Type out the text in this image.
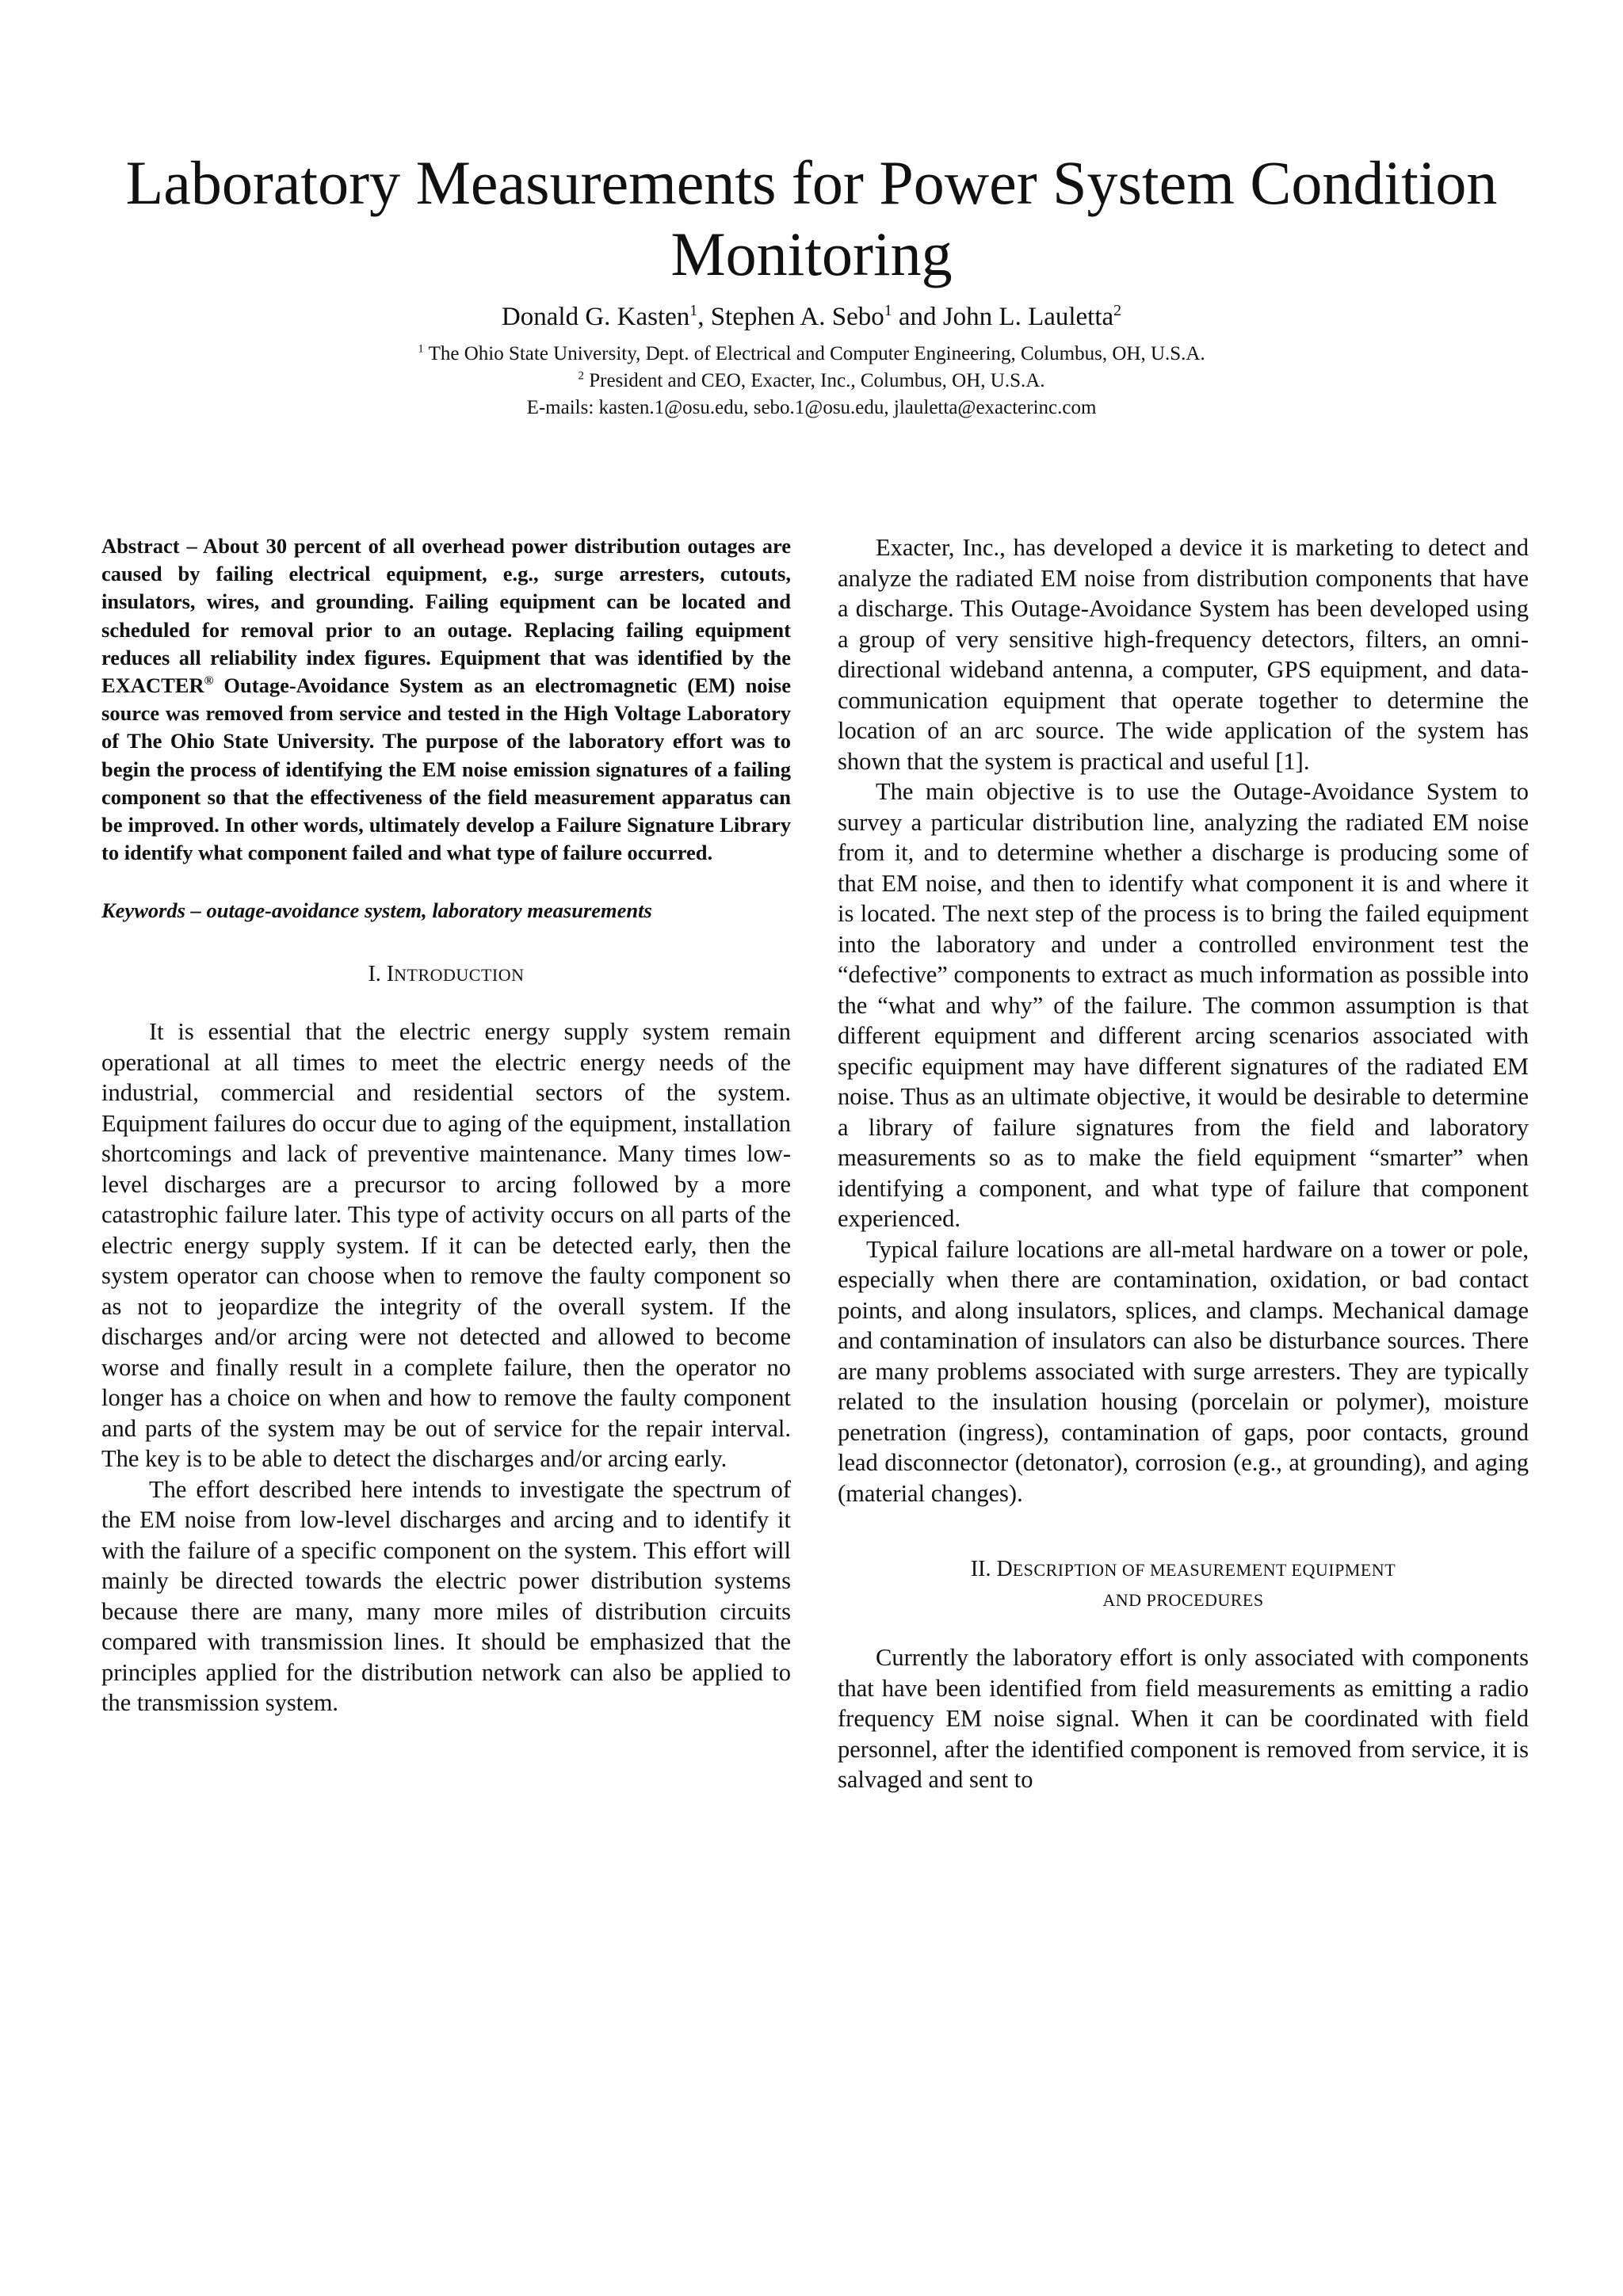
Laboratory Measurements for Power System Condition Monitoring
Donald G. Kasten$^1$, Stephen A. Sebo$^1$ and John L. Lauletta$^2$
$^1$ The Ohio State University, Dept. of Electrical and Computer Engineering, Columbus, OH, U.S.A.
$^2$ President and CEO, Exacter, Inc., Columbus, OH, U.S.A.
E-mails: kasten.1@osu.edu, sebo.1@osu.edu, jlauletta@exacterinc.com

Abstract – About 30 percent of all overhead power distribution outages are caused by failing electrical equipment, e.g., surge arresters, cutouts, insulators, wires, and grounding. Failing equipment can be located and scheduled for removal prior to an outage. Replacing failing equipment reduces all reliability index figures. Equipment that was identified by the EXACTER® Outage-Avoidance System as an electromagnetic (EM) noise source was removed from service and tested in the High Voltage Laboratory of The Ohio State University. The purpose of the laboratory effort was to begin the process of identifying the EM noise emission signatures of a failing component so that the effectiveness of the field measurement apparatus can be improved. In other words, ultimately develop a Failure Signature Library to identify what component failed and what type of failure occurred.

Keywords – outage-avoidance system, laboratory measurements

I. INTRODUCTION

It is essential that the electric energy supply system remain operational at all times to meet the electric energy needs of the industrial, commercial and residential sectors of the system. Equipment failures do occur due to aging of the equipment, installation shortcomings and lack of preventive maintenance. Many times low-level discharges are a precursor to arcing followed by a more catastrophic failure later. This type of activity occurs on all parts of the electric energy supply system. If it can be detected early, then the system operator can choose when to remove the faulty component so as not to jeopardize the integrity of the overall system. If the discharges and/or arcing were not detected and allowed to become worse and finally result in a complete failure, then the operator no longer has a choice on when and how to remove the faulty component and parts of the system may be out of service for the repair interval. The key is to be able to detect the discharges and/or arcing early.

The effort described here intends to investigate the spectrum of the EM noise from low-level discharges and arcing and to identify it with the failure of a specific component on the system. This effort will mainly be directed towards the electric power distribution systems because there are many, many more miles of distribution circuits compared with transmission lines. It should be emphasized that the principles applied for the distribution network can also be applied to the transmission system.

Exacter, Inc., has developed a device it is marketing to detect and analyze the radiated EM noise from distribution components that have a discharge. This Outage-Avoidance System has been developed using a group of very sensitive high-frequency detectors, filters, an omni-directional wideband antenna, a computer, GPS equipment, and data-communication equipment that operate together to determine the location of an arc source. The wide application of the system has shown that the system is practical and useful [1].

The main objective is to use the Outage-Avoidance System to survey a particular distribution line, analyzing the radiated EM noise from it, and to determine whether a discharge is producing some of that EM noise, and then to identify what component it is and where it is located. The next step of the process is to bring the failed equipment into the laboratory and under a controlled environment test the “defective” components to extract as much information as possible into the “what and why” of the failure. The common assumption is that different equipment and different arcing scenarios associated with specific equipment may have different signatures of the radiated EM noise. Thus as an ultimate objective, it would be desirable to determine a library of failure signatures from the field and laboratory measurements so as to make the field equipment “smarter” when identifying a component, and what type of failure that component experienced.

Typical failure locations are all-metal hardware on a tower or pole, especially when there are contamination, oxidation, or bad contact points, and along insulators, splices, and clamps. Mechanical damage and contamination of insulators can also be disturbance sources. There are many problems associated with surge arresters. They are typically related to the insulation housing (porcelain or polymer), moisture penetration (ingress), contamination of gaps, poor contacts, ground lead disconnector (detonator), corrosion (e.g., at grounding), and aging (material changes).

II. DESCRIPTION OF MEASUREMENT EQUIPMENT
AND PROCEDURES

Currently the laboratory effort is only associated with components that have been identified from field measurements as emitting a radio frequency EM noise signal. When it can be coordinated with field personnel, after the identified component is removed from service, it is salvaged and sent to
